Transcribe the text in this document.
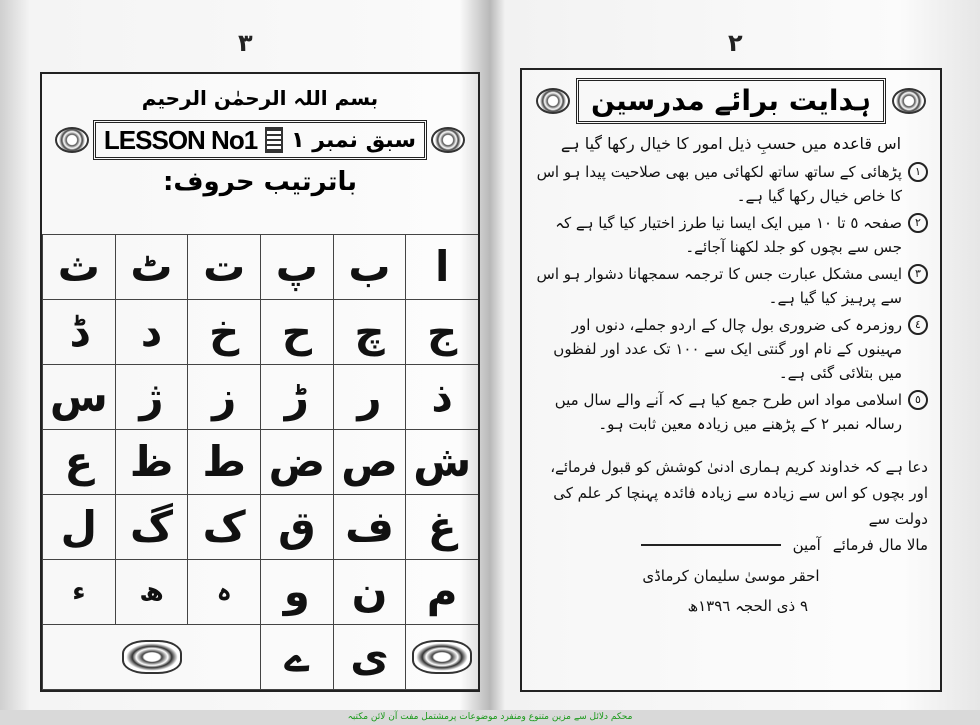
٣	٢
بسم اللہ الرحمٰن الرحیم
LESSON No1 سبق نمبر ١
باترتیب حروف:
ا
ب
پ
ت
ٹ
ث
ج
چ
ح
خ
د
ڈ
ذ
ر
ڑ
ز
ژ
س
ش
ص
ض
ط
ظ
ع
غ
ف
ق
ک
گ
ل
م
ن
و
ہ
ھ
ء
ی
ے
ہدایت برائے مدرسین
اس قاعدہ میں حسبِ ذیل امور کا خیال رکھا گیا ہے
١
پڑھائی کے ساتھ ساتھ لکھائی میں بھی صلاحیت پیدا ہو اس کا خاص خیال رکھا گیا ہے۔
٢
صفحہ ٥ تا ١٠ میں ایک ایسا نیا طرز اختیار کیا گیا ہے کہ جس سے بچوں کو جلد لکھنا آجائے۔
٣
ایسی مشکل عبارت جس کا ترجمہ سمجھانا دشوار ہو اس سے پرہیز کیا گیا ہے۔
٤
روزمرہ کی ضروری بول چال کے اردو جملے، دنوں اور مہینوں کے نام اور گنتی ایک سے ١٠٠ تک عدد اور لفظوں میں بتلائی گئی ہے۔
٥
اسلامی مواد اس طرح جمع کیا ہے کہ آنے والے سال میں رسالہ نمبر ٢ کے پڑھنے میں زیادہ معین ثابت ہو۔
دعا ہے کہ خداوند کریم ہماری ادنیٰ کوشش کو قبول فرمائے، اور بچوں کو اس سے زیادہ سے زیادہ فائدہ پہنچا کر علم کی دولت سے
مالا مال فرمائے
آمین
احقر موسیٰ سلیمان کرماڈی
٩ ذی الحجہ ١٣٩٦ھ
محکم دلائل سے مزین متنوع ومنفرد موضوعات پرمشتمل مفت آن لائن مکتبہ
